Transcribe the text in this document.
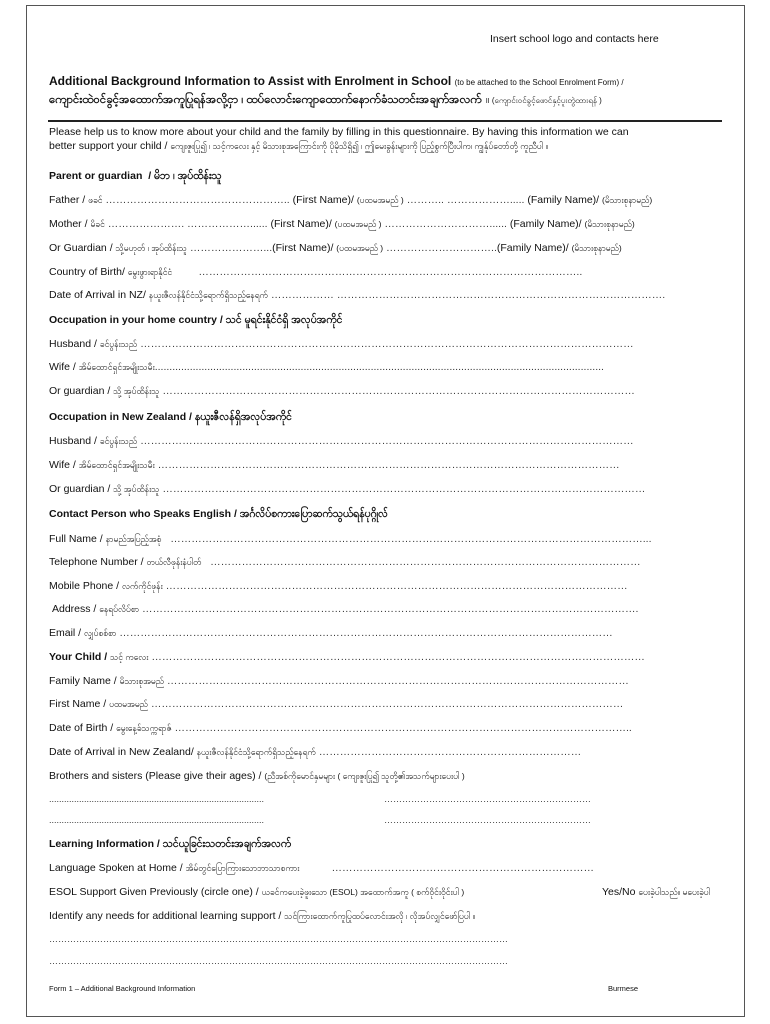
Insert school logo and contacts here
Additional Background Information to Assist with Enrolment in School (to be attached to the School Enrolment Form) /
ကျောင်းထဲဝင်ခွင့်အထောက်အကူပြုရန်အလို့ငှာ ၊ ထပ်လောင်းကျောထောက်နောက်ခံသတင်းအချက်အလက် ॥ (ကျောင်းဝင်ခွင့်ဖောင်နှင့်ပူးတွဲထားရန် )
Please help us to know more about your child and the family by filling in this questionnaire. By having this information we can
better support your child / ကျေးဇူးပြု၍ ၊ သင့်ကလေး နှင့် မိသားစုအကြောင်းကို ပိုမိုသိရှိ၍ ၊ ဤမေးခွန်းများကို ပြည့်စွက်ပြီးပါက၊ ကျွန်ုပ်တော်တို့ ကူညီပါ ။
Parent or guardian / မိဘ ၊ အုပ်ထိန်းသူ
Father / ဖခင် …………………………………………….. (First Name)/ (ပထမအမည် ) ……….. ………………..... (Family Name)/ (မိသားစုနာမည်)
Mother / မိခင် …………………. ………………...... (First Name)/ (ပထမအမည် ) …………………………...... (Family Name)/ (မိသားစုနာမည်)
Or Guardian / သို့မဟုတ် ၊ အုပ်ထိန်းသူ …………………...(First Name)/ (ပထမအမည် ) …………………………..(Family Name)/ (မိသားစုနာမည်)
Country of Birth/ မွေးဖွားရာနိုင်ငံ	………………………………………………………………………………………………..
Date of Arrival in NZ/ နယူးဇီလန်နိုင်ငံသို့ရောက်ရှိသည့်နေရက် ……………… ………………………………………………………………………………….
Occupation in your home country / သင် မူရင်းနိုင်ငံရှိ အလုပ်အကိုင်
Husband / ခင်ပွန်းသည် ……………………………………………………………………………………………………………………………
Wife / အိမ်ထောင်ရှင်အမျိုးသမီး..........................................................................................................................................................
Or guardian / သို့ အုပ်ထိန်းသူ ………………………………………………………………………………………………………………………
Occupation in New Zealand / နယူးဇီလန်ရှိအလုပ်အကိုင်
Husband / ခင်ပွန်းသည် ……………………………………………………………………………………………………………………………
Wife / အိမ်ထောင်ရှင်အမျိုးသမီး ……………………………………………………………………………………………………………………
Or guardian / သို့ အုပ်ထိန်းသူ …………………………………………………………………………………………………………………………
Contact Person who Speaks English / အင်္ဂလိပ်စကားပြောဆက်သွယ်ရန်ပုဂ္ဂိုလ်
Full Name / နာမည်အပြည့်အစုံ ………………………………………………………………………………………………………………………...
Telephone Number / တယ်လီဖုန်းနံပါတ် ……………………………………………………………………………………………………………
Mobile Phone / လက်ကိုင်ဖုန်း ……………………………………………………………………………………………………………………
Address / နေရပ်လိပ်စာ …………………………………………………………………………………………………………………………….
Email / လျှပ်စစ်စာ ……………………………………………………………………………………………………………………………
Your Child / သင့် ကလေး ……………………………………………………………………………………………………………………………
Family Name / မိသားစုအမည် ……………………………………………………………………………………………………………………
First Name / ပထမအမည် ………………………………………………………………………………………………………………………
Date of Birth / မွေးနေ့ခ်သက္ကရာဇ် …………………………………………………………………………………………………………………..
Date of Arrival in New Zealand/ နယူးဇီလန်နိုင်ငံသို့ရောက်ရှိသည့်နေရက် …………………………………………………………………
Brothers and sisters (Please give their ages) / (ညီအစ်ကိုမောင်နှမများ ( ကျေးဇူးပြု၍ သူတို့၏အသက်များပေးပါ )
......................................................................................	……………………………………………………………
......................................................................................	……………………………………………………………
Learning Information / သင်ယူခြင်းသတင်းအချက်အလက်
Language Spoken at Home / အိမ်တွင်ပြောကြားသောဘာသာစကား	…………………………………………………………………
ESOL Support Given Previously (circle one) / ယခင်ကပေးခဲ့ဖူးသော (ESOL) အထောက်အကူ ( စက်ဝိုင်းဝိုင်းပါ )	Yes/No ပေးခဲ့ပါသည်။ မပေးခဲ့ပါ
Identify any needs for additional learning support / သင်ကြားထောက်ကူပြုထပ်လောင်းအလို ၊ လိုအပ်လျှင်ဖော်ပြပါ ။
………………………………………………………………………………………………………………………………………
………………………………………………………………………………………………………………………………………
Form 1 – Additional Background Information	Burmese
